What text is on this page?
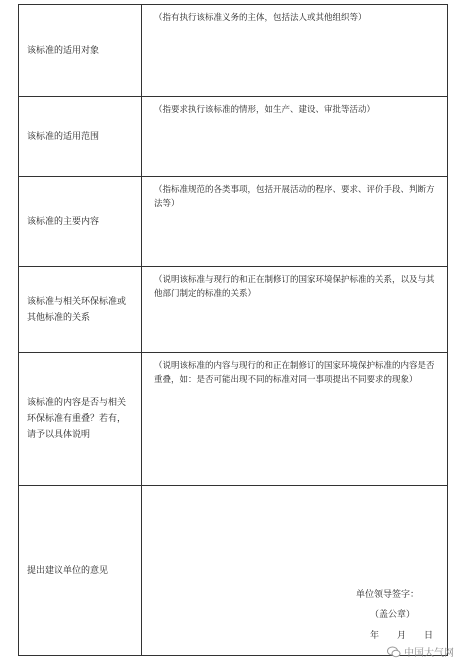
该标准的适用对象	（指有执行该标准义务的主体，包括法人或其他组织等）

该标准的适用范围	（指要求执行该标准的情形，如生产、建设、审批等活动）

该标准的主要内容	（指标准规范的各类事项，包括开展活动的程序、要求、评价手段、判断方法等）

该标准与相关环保标准或其他标准的关系	（说明该标准与现行的和正在制修订的国家环境保护标准的关系，以及与其他部门制定的标准的关系）

该标准的内容是否与相关环保标准有重叠？若有，请予以具体说明	（说明该标准的内容与现行的和正在制修订的国家环境保护标准的内容是否重叠，如：是否可能出现不同的标准对同一事项提出不同要求的现象）

提出建议单位的意见	单位领导签字：
（盖公章）
年　　月　　日
中国大气网
